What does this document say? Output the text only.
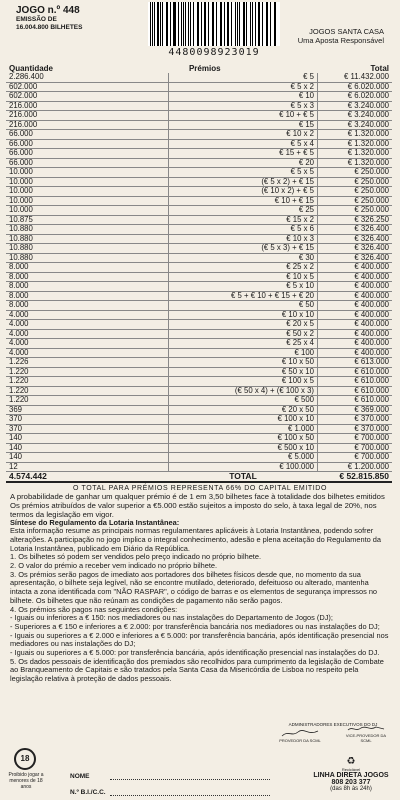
JOGO n.º 448
EMISSÃO DE
16.004.800 BILHETES
4480098923019
JOGOS SANTA CASA
Uma Aposta Responsável
Quantidade	Prémios		Total
2.286.400		€ 5	€ 11.432.000
602.000		€ 5 x 2	€ 6.020.000
602.000		€ 10	€ 6.020.000
216.000		€ 5 x 3	€ 3.240.000
216.000		€ 10 + € 5	€ 3.240.000
216.000		€ 15	€ 3.240.000
66.000		€ 10 x 2	€ 1.320.000
66.000		€ 5 x 4	€ 1.320.000
66.000		€ 15 + € 5	€ 1.320.000
66.000		€ 20	€ 1.320.000
10.000		€ 5 x 5	€ 250.000
10.000		(€ 5 x 2) + € 15	€ 250.000
10.000		(€ 10 x 2) + € 5	€ 250.000
10.000		€ 10 + € 15	€ 250.000
10.000		€ 25	€ 250.000
10.875		€ 15 x 2	€ 326.250
10.880		€ 5 x 6	€ 326.400
10.880		€ 10 x 3	€ 326.400
10.880		(€ 5 x 3) + € 15	€ 326.400
10.880		€ 30	€ 326.400
8.000		€ 25 x 2	€ 400.000
8.000		€ 10 x 5	€ 400.000
8.000		€ 5 x 10	€ 400.000
8.000		€ 5 + € 10 + € 15 + € 20	€ 400.000
8.000		€ 50	€ 400.000
4.000		€ 10 x 10	€ 400.000
4.000		€ 20 x 5	€ 400.000
4.000		€ 50 x 2	€ 400.000
4.000		€ 25 x 4	€ 400.000
4.000		€ 100	€ 400.000
1.226		€ 10 x 50	€ 613.000
1.220		€ 50 x 10	€ 610.000
1.220		€ 100 x 5	€ 610.000
1.220		(€ 50 x 4) + (€ 100 x 3)	€ 610.000
1.220		€ 500	€ 610.000
369		€ 20 x 50	€ 369.000
370		€ 100 x 10	€ 370.000
370		€ 1.000	€ 370.000
140		€ 100 x 50	€ 700.000
140		€ 500 x 10	€ 700.000
140		€ 5.000	€ 700.000
12		€ 100.000	€ 1.200.000
4.574.442		TOTAL	€ 52.815.850
O TOTAL PARA PRÉMIOS REPRESENTA 66% DO CAPITAL EMITIDO

A probabilidade de ganhar um qualquer prémio é de 1 em 3,50 bilhetes face à totalidade dos bilhetes emitidos

Os prémios atribuídos de valor superior a €5.000 estão sujeitos a imposto do selo, à taxa legal de 20%, nos termos da legislação em vigor.

Síntese do Regulamento da Lotaria Instantânea:

Esta informação resume as principais normas regulamentares aplicáveis à Lotaria Instantânea, podendo sofrer alterações. A participação no jogo implica o integral conhecimento, adesão e plena aceitação do Regulamento da Lotaria Instantânea, publicado em Diário da República.

1. Os bilhetes só podem ser vendidos pelo preço indicado no próprio bilhete.

2. O valor do prémio a receber vem indicado no próprio bilhete.

3. Os prémios serão pagos de imediato aos portadores dos bilhetes físicos desde que, no momento da sua apresentação, o bilhete seja legível, não se encontre mutilado, deteriorado, defeituoso ou alterado, mantenha intacta a zona identificada com "NÃO RASPAR", o código de barras e os elementos de segurança impressos no bilhete. Os bilhetes que não reúnam as condições de pagamento não serão pagos.

4. Os prémios são pagos nas seguintes condições:

- Iguais ou inferiores a € 150: nos mediadores ou nas instalações do Departamento de Jogos (DJ);

- Superiores a € 150 e inferiores a € 2.000: por transferência bancária nos mediadores ou nas instalações do DJ;

- Iguais ou superiores a € 2.000 e inferiores a € 5.000: por transferência bancária, após identificação presencial nos mediadores ou nas instalações do DJ;

- Iguais ou superiores a € 5.000: por transferência bancária, após identificação presencial nas instalações do DJ.

5. Os dados pessoais de identificação dos premiados são recolhidos para cumprimento da legislação de Combate ao Branqueamento de Capitais e são tratados pela Santa Casa da Misericórdia de Lisboa no respeito pela legislação relativa à proteção de dados pessoais.

ADMINISTRADORES EXECUTIVOS DO DJ
PROVEDOR DA SCML
VICE-PROVEDOR DA SCML
18
Proibido jogar a menores de 18 anos
NOME
N.º B.I./C.C.
♻
Reciclável
LINHA DIRETA JOGOS
808 203 377
(das 8h às 24h)
